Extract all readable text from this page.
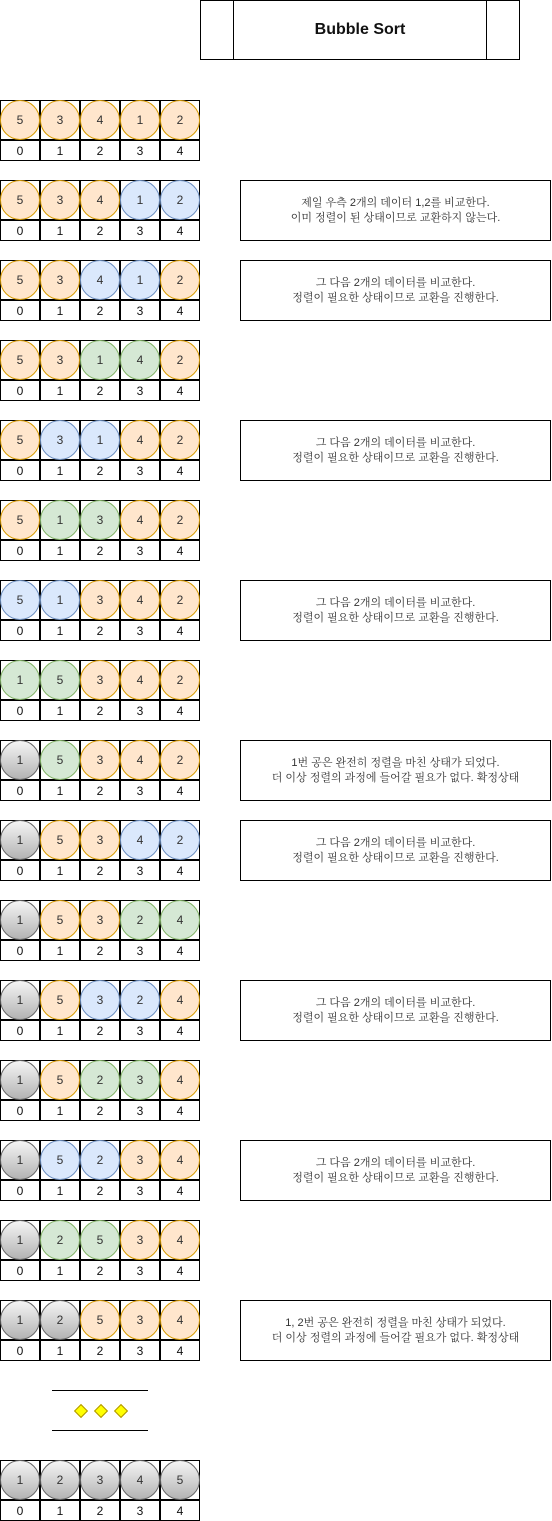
Bubble Sort
5
0
3
1
4
2
1
3
2
4
5
0
3
1
4
2
1
3
2
4
제일 우측 2개의 데이터 1,2를 비교한다.
이미 정렬이 된 상태이므로 교환하지 않는다.
5
0
3
1
4
2
1
3
2
4
그 다음 2개의 데이터를 비교한다.
정렬이 필요한 상태이므로 교환을 진행한다.
5
0
3
1
1
2
4
3
2
4
5
0
3
1
1
2
4
3
2
4
그 다음 2개의 데이터를 비교한다.
정렬이 필요한 상태이므로 교환을 진행한다.
5
0
1
1
3
2
4
3
2
4
5
0
1
1
3
2
4
3
2
4
그 다음 2개의 데이터를 비교한다.
정렬이 필요한 상태이므로 교환을 진행한다.
1
0
5
1
3
2
4
3
2
4
1
0
5
1
3
2
4
3
2
4
1번 공은 완전히 정렬을 마친 상태가 되었다.
더 이상 정렬의 과정에 들어갈 필요가 없다. 확정상태
1
0
5
1
3
2
4
3
2
4
그 다음 2개의 데이터를 비교한다.
정렬이 필요한 상태이므로 교환을 진행한다.
1
0
5
1
3
2
2
3
4
4
1
0
5
1
3
2
2
3
4
4
그 다음 2개의 데이터를 비교한다.
정렬이 필요한 상태이므로 교환을 진행한다.
1
0
5
1
2
2
3
3
4
4
1
0
5
1
2
2
3
3
4
4
그 다음 2개의 데이터를 비교한다.
정렬이 필요한 상태이므로 교환을 진행한다.
1
0
2
1
5
2
3
3
4
4
1
0
2
1
5
2
3
3
4
4
1, 2번 공은 완전히 정렬을 마친 상태가 되었다.
더 이상 정렬의 과정에 들어갈 필요가 없다. 확정상태
1
0
2
1
3
2
4
3
5
4
